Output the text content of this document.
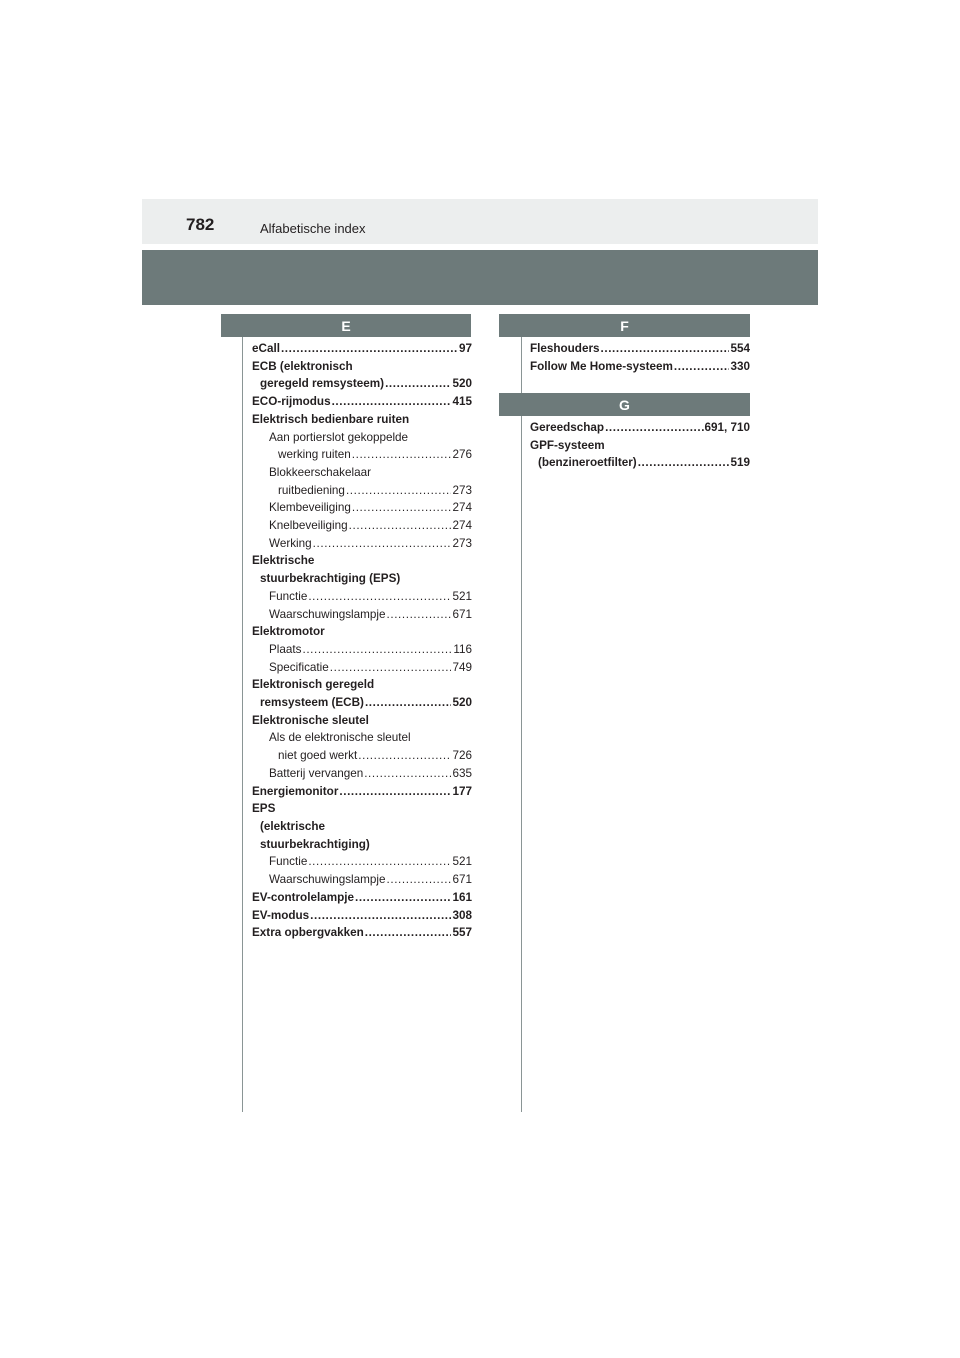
782	Alfabetische index
E
eCall .....	97
ECB (elektronisch
geregeld remsysteem) .....	520
ECO-rijmodus .....	415
Elektrisch bedienbare ruiten
Aan portierslot gekoppelde
werking ruiten .....	276
Blokkeerschakelaar
ruitbediening .....	273
Klembeveiliging .....	274
Knelbeveiliging .....	274
Werking .....	273
Elektrische
stuurbekrachtiging (EPS)
Functie .....	521
Waarschuwingslampje .....	671
Elektromotor
Plaats .....	116
Specificatie .....	749
Elektronisch geregeld
remsysteem (ECB) .....	520
Elektronische sleutel
Als de elektronische sleutel
niet goed werkt .....	726
Batterij vervangen .....	635
Energiemonitor .....	177
EPS
(elektrische
stuurbekrachtiging)
Functie .....	521
Waarschuwingslampje .....	671
EV-controlelampje .....	161
EV-modus .....	308
Extra opbergvakken .....	557
F
Fleshouders .....	554
Follow Me Home-systeem .....	330
G
Gereedschap .....	691, 710
GPF-systeem
(benzineroetfilter) .....	519
